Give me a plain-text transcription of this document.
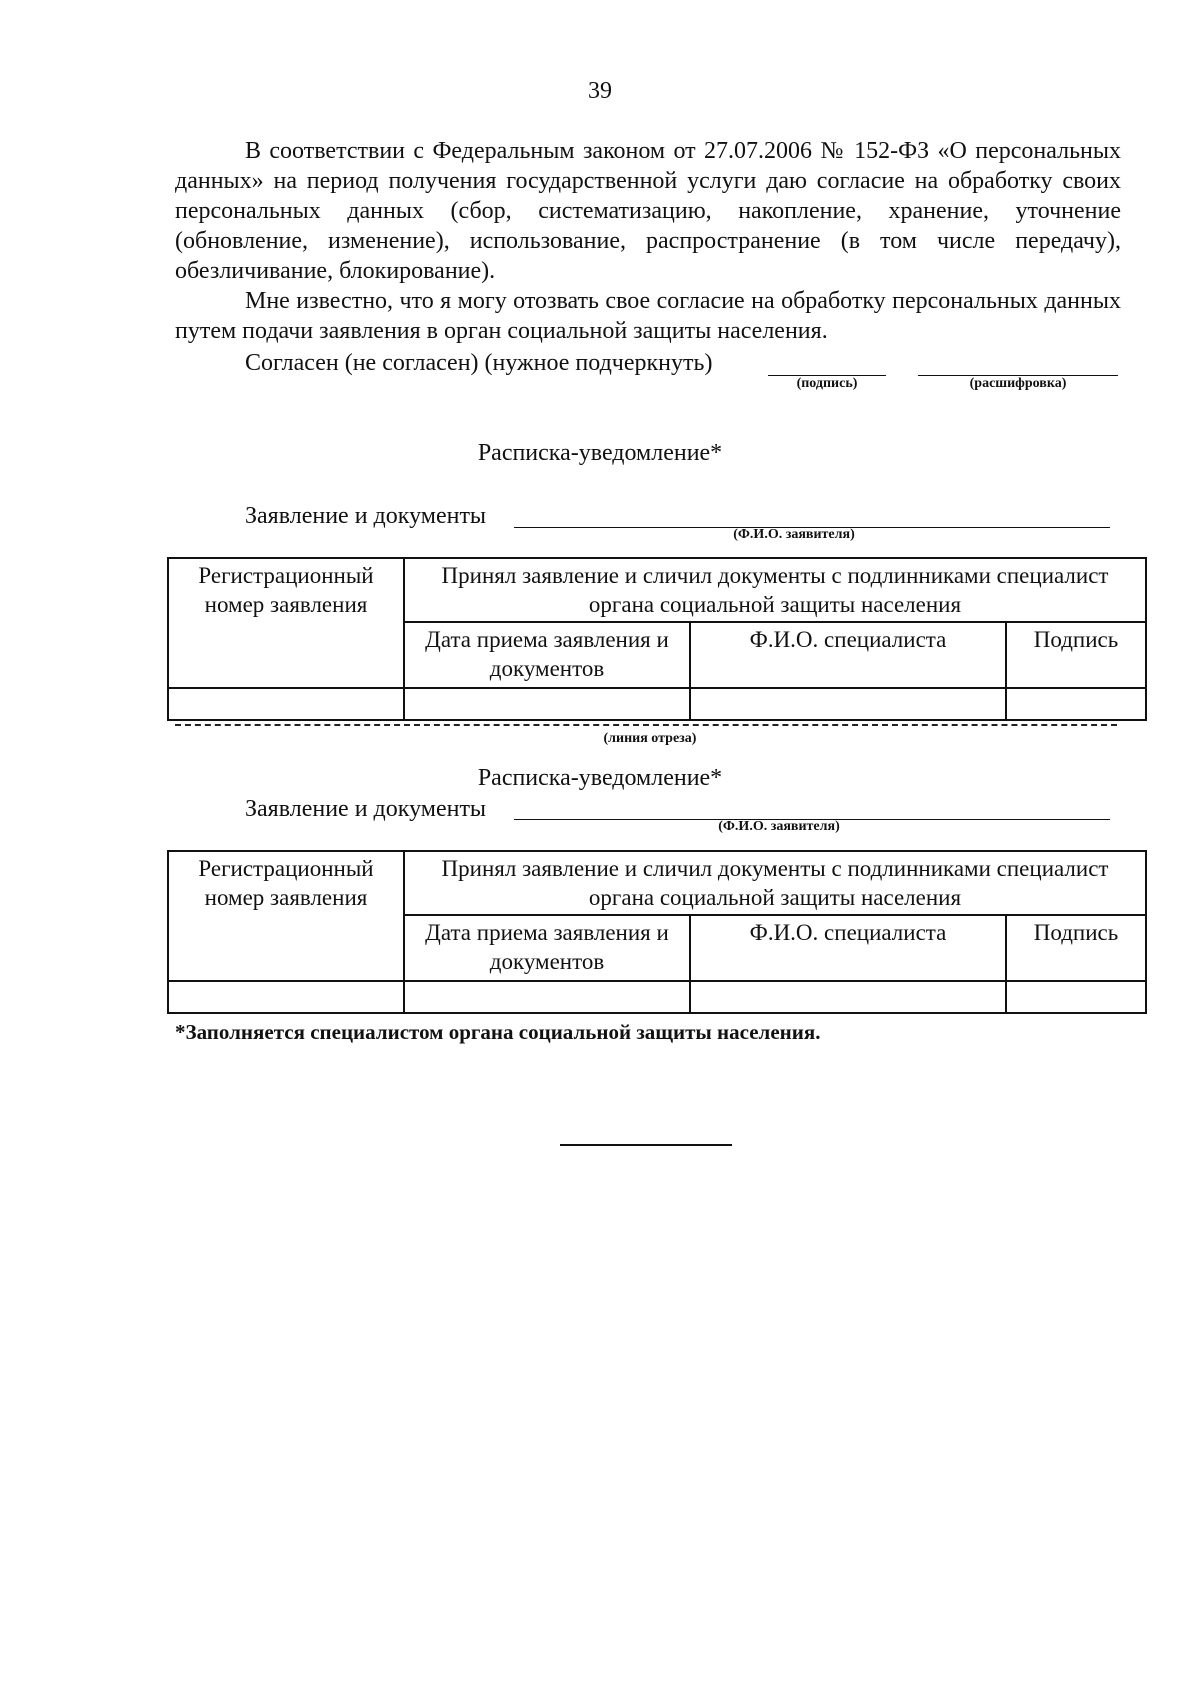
39
В соответствии с Федеральным законом от 27.07.2006 № 152-ФЗ «О персональных данных» на период получения государственной услуги даю согласие на обработку своих персональных данных (сбор, систематизацию, накопление, хранение, уточнение (обновление, изменение), использование, распространение (в том числе передачу), обезличивание, блокирование).
Мне известно, что я могу отозвать свое согласие на обработку персональных данных путем подачи заявления в орган социальной защиты населения.
Согласен (не согласен) (нужное подчеркнуть)
(подпись)	(расшифровка)
Расписка-уведомление*
Заявление и документы
(Ф.И.О. заявителя)
Регистрационный номер заявления	Принял заявление и сличил документы с подлинниками специалист органа социальной защиты населения		
	Дата приема заявления и документов	Ф.И.О. специалиста	Подпись

(линия отреза)
Расписка-уведомление*
Заявление и документы
(Ф.И.О. заявителя)
Регистрационный номер заявления	Принял заявление и сличил документы с подлинниками специалист органа социальной защиты населения		
	Дата приема заявления и документов	Ф.И.О. специалиста	Подпись

*Заполняется специалистом органа социальной защиты населения.
